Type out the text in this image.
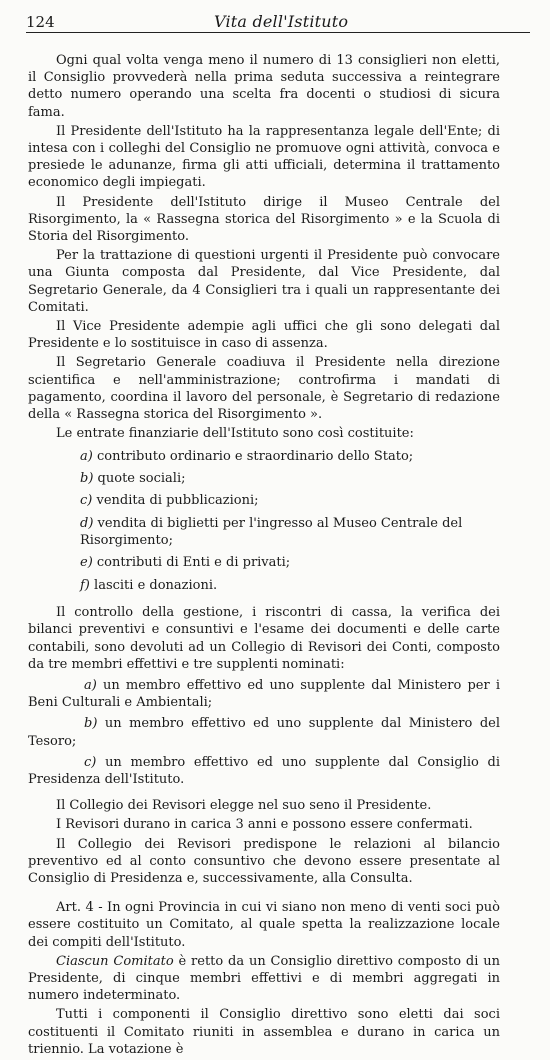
124	Vita dell'Istituto

Ogni qual volta venga meno il numero di 13 consiglieri non eletti, il Consiglio provvederà nella prima seduta successiva a reintegrare detto numero operando una scelta fra docenti o studiosi di sicura fama.

Il Presidente dell'Istituto ha la rappresentanza legale dell'Ente; di intesa con i colleghi del Consiglio ne promuove ogni attività, convoca e presiede le adunanze, firma gli atti ufficiali, determina il trattamento economico degli impiegati.

Il Presidente dell'Istituto dirige il Museo Centrale del Risorgimento, la « Rassegna storica del Risorgimento » e la Scuola di Storia del Risorgimento.

Per la trattazione di questioni urgenti il Presidente può convocare una Giunta composta dal Presidente, dal Vice Presidente, dal Segretario Generale, da 4 Consiglieri tra i quali un rappresentante dei Comitati.

Il Vice Presidente adempie agli uffici che gli sono delegati dal Presidente e lo sostituisce in caso di assenza.

Il Segretario Generale coadiuva il Presidente nella direzione scientifica e nell'amministrazione; controfirma i mandati di pagamento, coordina il lavoro del personale, è Segretario di redazione della « Rassegna storica del Risorgimento ».

Le entrate finanziarie dell'Istituto sono così costituite:

a) contributo ordinario e straordinario dello Stato;
b) quote sociali;
c) vendita di pubblicazioni;
d) vendita di biglietti per l'ingresso al Museo Centrale del Risorgimento;
e) contributi di Enti e di privati;
f) lasciti e donazioni.

Il controllo della gestione, i riscontri di cassa, la verifica dei bilanci preventivi e consuntivi e l'esame dei documenti e delle carte contabili, sono devoluti ad un Collegio di Revisori dei Conti, composto da tre membri effettivi e tre supplenti nominati:

a) un membro effettivo ed uno supplente dal Ministero per i Beni Culturali e Ambientali;

b) un membro effettivo ed uno supplente dal Ministero del Tesoro;

c) un membro effettivo ed uno supplente dal Consiglio di Presidenza dell'Istituto.

Il Collegio dei Revisori elegge nel suo seno il Presidente.

I Revisori durano in carica 3 anni e possono essere confermati.

Il Collegio dei Revisori predispone le relazioni al bilancio preventivo ed al conto consuntivo che devono essere presentate al Consiglio di Presidenza e, successivamente, alla Consulta.

Art. 4 - In ogni Provincia in cui vi siano non meno di venti soci può essere costituito un Comitato, al quale spetta la realizzazione locale dei compiti dell'Istituto.

Ciascun Comitato è retto da un Consiglio direttivo composto di un Presidente, di cinque membri effettivi e di membri aggregati in numero indeterminato.

Tutti i componenti il Consiglio direttivo sono eletti dai soci costituenti il Comitato riuniti in assemblea e durano in carica un triennio. La votazione è
